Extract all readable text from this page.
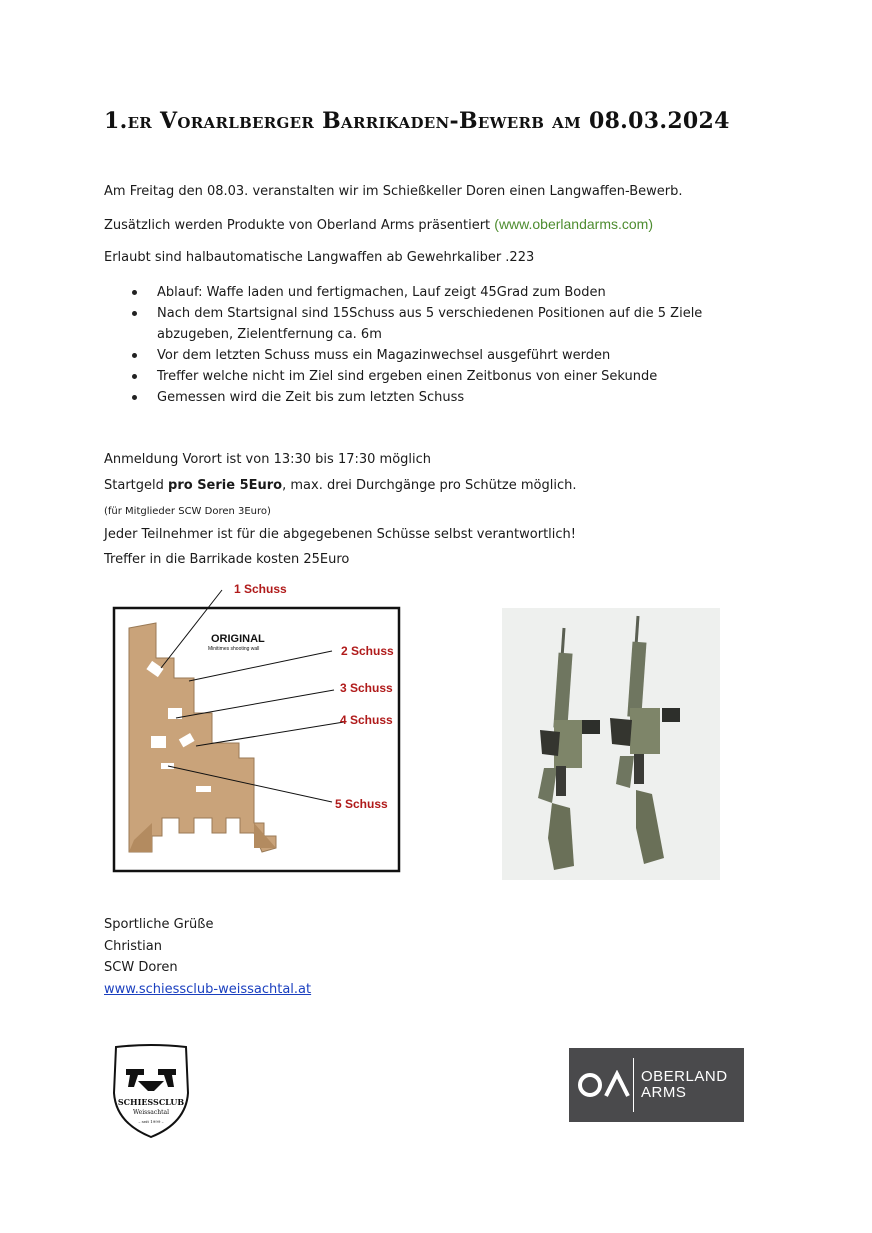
1.er Vorarlberger Barrikaden-Bewerb am 08.03.2024
Am Freitag den 08.03. veranstalten wir im Schießkeller Doren einen Langwaffen-Bewerb.
Zusätzlich werden Produkte von Oberland Arms präsentiert (www.oberlandarms.com)
Erlaubt sind halbautomatische Langwaffen ab Gewehrkaliber .223
Ablauf: Waffe laden und fertigmachen, Lauf zeigt 45Grad zum Boden
Nach dem Startsignal sind 15Schuss aus 5 verschiedenen Positionen auf die 5 Ziele abzugeben, Zielentfernung ca. 6m
Vor dem letzten Schuss muss ein Magazinwechsel ausgeführt werden
Treffer welche nicht im Ziel sind ergeben einen Zeitbonus von einer Sekunde
Gemessen wird die Zeit bis zum letzten Schuss
Anmeldung Vorort ist von 13:30 bis 17:30 möglich
Startgeld pro Serie 5Euro, max. drei Durchgänge pro Schütze möglich.
(für Mitglieder SCW Doren 3Euro)
Jeder Teilnehmer ist für die abgegebenen Schüsse selbst verantwortlich!
Treffer in die Barrikade kosten 25Euro
ORIGINAL
Minitimes shooting wall
1 Schuss
2 Schuss
3 Schuss
4 Schuss
5 Schuss
Sportliche Grüße
Christian
SCW Doren
www.schiessclub-weissachtal.at
SCHIESSCLUB
Weissachtal
– seit 1999 –
OBERLAND
ARMS
